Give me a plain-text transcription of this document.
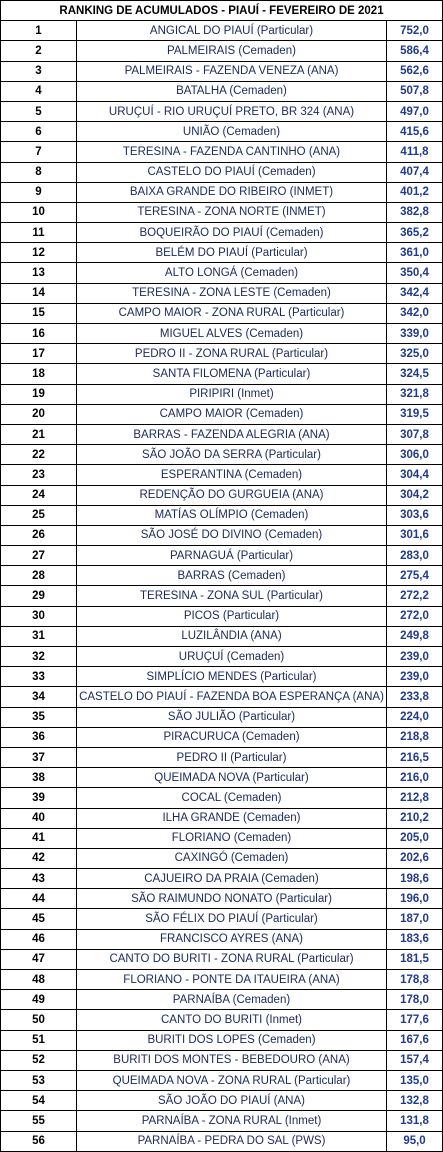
RANKING DE ACUMULADOS - PIAUÍ - FEVEREIRO DE 2021		
1	ANGICAL DO PIAUÍ (Particular)	752,0
2	PALMEIRAIS (Cemaden)	586,4
3	PALMEIRAIS - FAZENDA VENEZA (ANA)	562,6
4	BATALHA (Cemaden)	507,8
5	URUÇUÍ - RIO URUÇUÍ PRETO, BR 324 (ANA)	497,0
6	UNIÃO (Cemaden)	415,6
7	TERESINA - FAZENDA CANTINHO (ANA)	411,8
8	CASTELO DO PIAUÍ (Cemaden)	407,4
9	BAIXA GRANDE DO RIBEIRO (INMET)	401,2
10	TERESINA - ZONA NORTE (INMET)	382,8
11	BOQUEIRÃO DO PIAUÍ (Cemaden)	365,2
12	BELÉM DO PIAUÍ (Particular)	361,0
13	ALTO LONGÁ (Cemaden)	350,4
14	TERESINA - ZONA LESTE (Cemaden)	342,4
15	CAMPO MAIOR - ZONA RURAL (Particular)	342,0
16	MIGUEL ALVES (Cemaden)	339,0
17	PEDRO II - ZONA RURAL (Particular)	325,0
18	SANTA FILOMENA (Particular)	324,5
19	PIRIPIRI (Inmet)	321,8
20	CAMPO MAIOR (Cemaden)	319,5
21	BARRAS - FAZENDA ALEGRIA (ANA)	307,8
22	SÃO JOÃO DA SERRA (Particular)	306,0
23	ESPERANTINA (Cemaden)	304,4
24	REDENÇÃO DO GURGUEIA (ANA)	304,2
25	MATÍAS OLÍMPIO (Cemaden)	303,6
26	SÃO JOSÉ DO DIVINO (Cemaden)	301,6
27	PARNAGUÁ (Particular)	283,0
28	BARRAS (Cemaden)	275,4
29	TERESINA - ZONA SUL (Particular)	272,2
30	PICOS (Particular)	272,0
31	LUZILÂNDIA (ANA)	249,8
32	URUÇUÍ (Cemaden)	239,0
33	SIMPLÍCIO MENDES (Particular)	239,0
34	CASTELO DO PIAUÍ - FAZENDA BOA ESPERANÇA (ANA)	233,8
35	SÃO JULIÃO (Particular)	224,0
36	PIRACURUCA (Cemaden)	218,8
37	PEDRO II (Particular)	216,5
38	QUEIMADA NOVA (Particular)	216,0
39	COCAL (Cemaden)	212,8
40	ILHA GRANDE (Cemaden)	210,2
41	FLORIANO (Cemaden)	205,0
42	CAXINGÓ (Cemaden)	202,6
43	CAJUEIRO DA PRAIA (Cemaden)	198,6
44	SÃO RAIMUNDO NONATO (Particular)	196,0
45	SÃO FÉLIX DO PIAUÍ (Particular)	187,0
46	FRANCISCO AYRES (ANA)	183,6
47	CANTO DO BURITI - ZONA RURAL (Particular)	181,5
48	FLORIANO - PONTE DA ITAUEIRA (ANA)	178,8
49	PARNAÍBA (Cemaden)	178,0
50	CANTO DO BURITI (Inmet)	177,6
51	BURITI DOS LOPES (Cemaden)	167,6
52	BURITI DOS MONTES - BEBEDOURO (ANA)	157,4
53	QUEIMADA NOVA - ZONA RURAL (Particular)	135,0
54	SÃO JOÃO DO PIAUÍ (ANA)	132,8
55	PARNAÍBA - ZONA RURAL (Inmet)	131,8
56	PARNAÍBA - PEDRA DO SAL (PWS)	95,0
